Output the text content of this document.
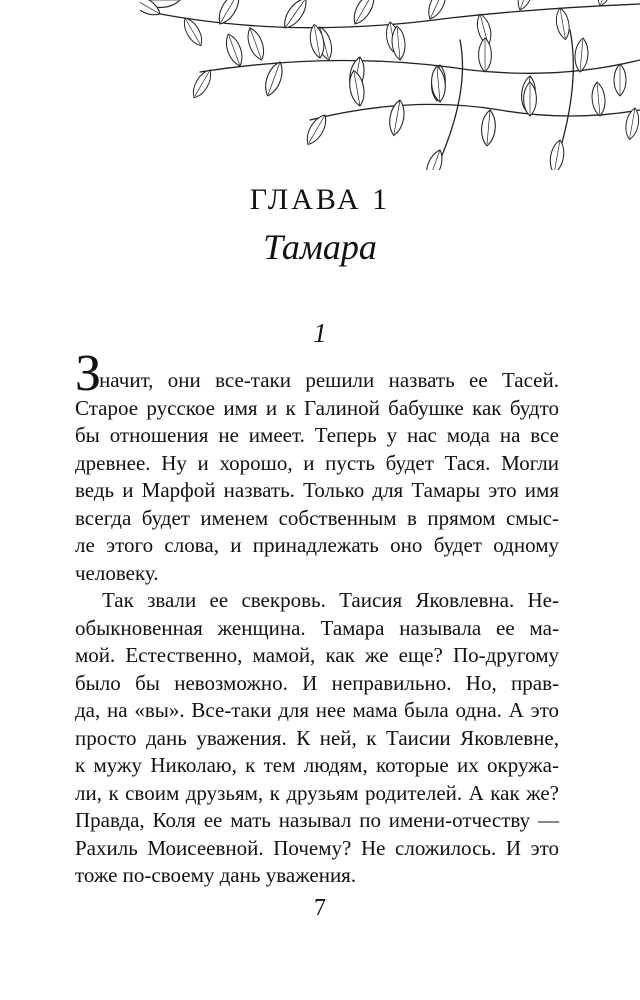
ГЛАВА 1
Тамара
1
Значит, они все-таки решили назвать ее Тасей.
Старое русское имя и к Галиной бабушке как будто
бы отношения не имеет. Теперь у нас мода на все
древнее. Ну и хорошо, и пусть будет Тася. Могли
ведь и Марфой назвать. Только для Тамары это имя
всегда будет именем собственным в прямом смыс-
ле этого слова, и принадлежать оно будет одному
человеку.
Так звали ее свекровь. Таисия Яковлевна. Не-
обыкновенная женщина. Тамара называла ее ма-
мой. Естественно, мамой, как же еще? По-другому
было бы невозможно. И неправильно. Но, прав-
да, на «вы». Все-таки для нее мама была одна. А это
просто дань уважения. К ней, к Таисии Яковлевне,
к мужу Николаю, к тем людям, которые их окружа-
ли, к своим друзьям, к друзьям родителей. А как же?
Правда, Коля ее мать называл по имени-отчеству —
Рахиль Моисеевной. Почему? Не сложилось. И это
тоже по-своему дань уважения.
7
